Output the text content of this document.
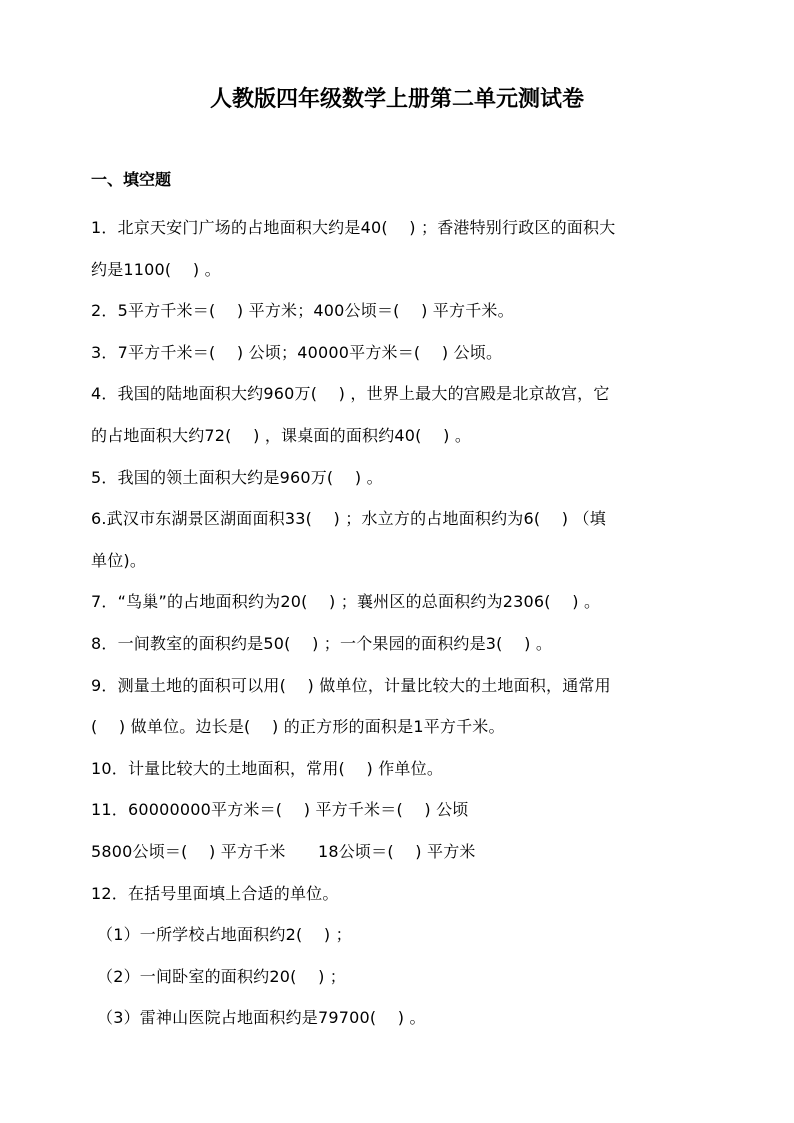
人教版四年级数学上册第二单元测试卷
一、填空题
1．北京天安门广场的占地面积大约是40(　 ) ；香港特别行政区的面积大
约是1100(　 ) 。
2．5平方千米＝(　 ) 平方米；400公顷＝(　 ) 平方千米。
3．7平方千米＝(　 ) 公顷；40000平方米＝(　 ) 公顷。
4．我国的陆地面积大约960万(　 ) ，世界上最大的宫殿是北京故宫，它
的占地面积大约72(　 ) ，课桌面的面积约40(　 ) 。
5．我国的领土面积大约是960万(　 ) 。
6.武汉市东湖景区湖面面积33(　 ) ；水立方的占地面积约为6(　 ) （填
单位)。
7．“鸟巢”的占地面积约为20(　 ) ；襄州区的总面积约为2306(　 ) 。
8．一间教室的面积约是50(　 ) ；一个果园的面积约是3(　 ) 。
9．测量土地的面积可以用(　 ) 做单位，计量比较大的土地面积，通常用
(　 ) 做单位。边长是(　 ) 的正方形的面积是1平方千米。
10．计量比较大的土地面积，常用(　 ) 作单位。
11．60000000平方米＝(　 ) 平方千米＝(　 ) 公顷
5800公顷＝(　 ) 平方千米　　18公顷＝(　 ) 平方米
12．在括号里面填上合适的单位。
（1）一所学校占地面积约2(　 ) ；
（2）一间卧室的面积约20(　 ) ；
（3）雷神山医院占地面积约是79700(　 ) 。
